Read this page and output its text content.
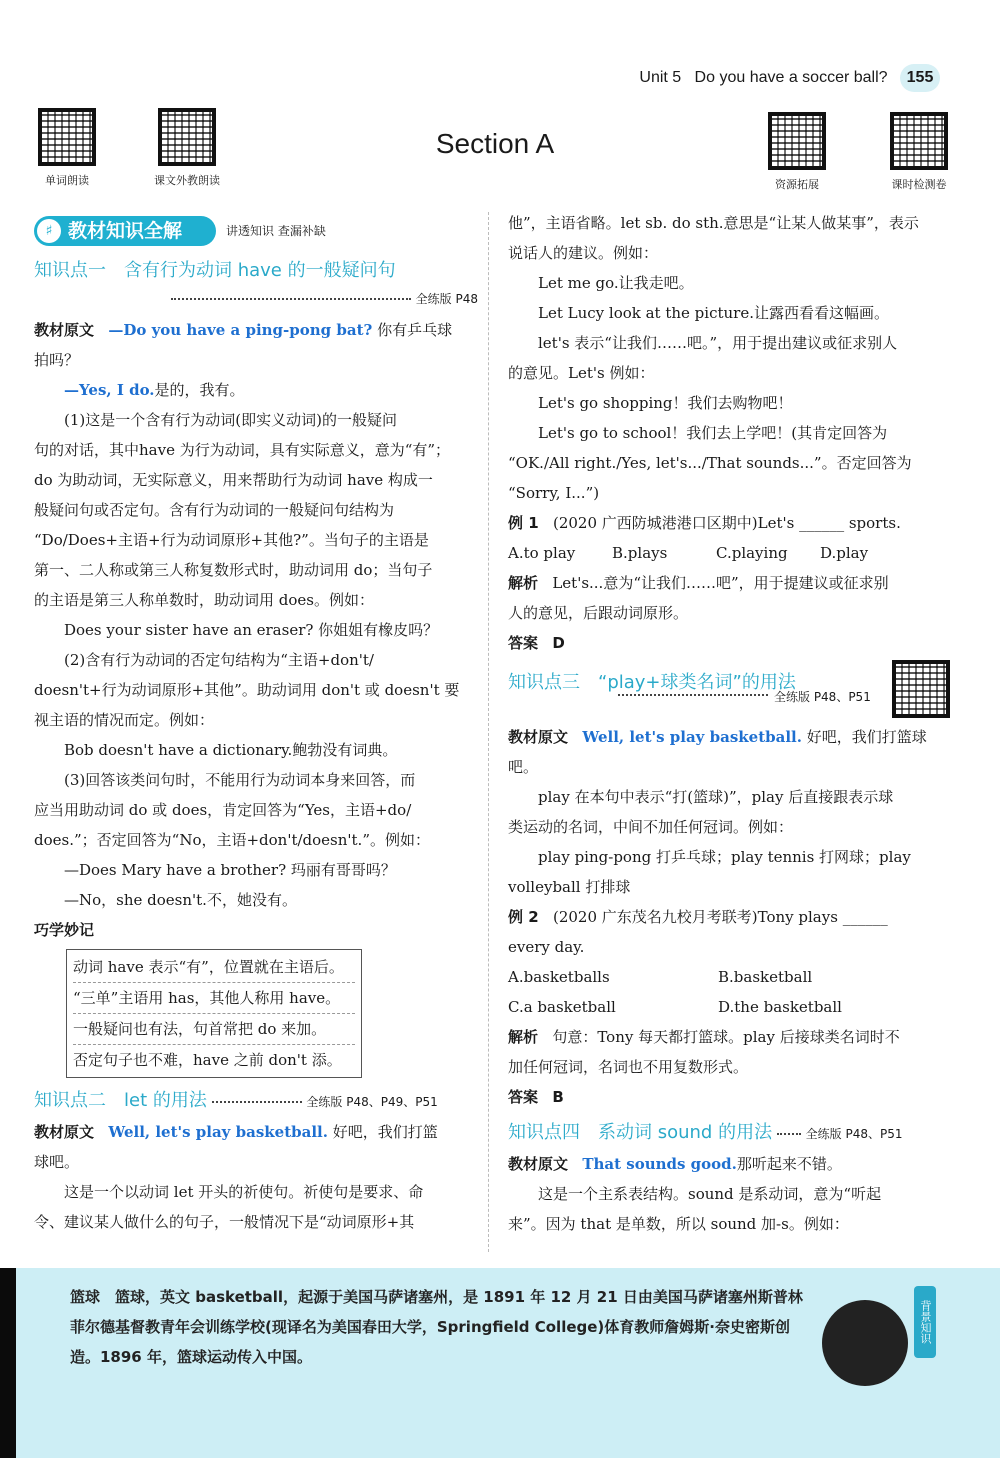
Unit 5 Do you have a soccer ball? 155
Section A
单词朗读	课文外教朗读	资源拓展	课时检测卷
♯ 教材知识全解	讲透知识 查漏补缺

知识点一　含有行为动词 have 的一般疑问句

全练版 P48

教材原文 —Do you have a ping-pong bat? 你有乒乓球

拍吗？

—Yes, I do.是的，我有。

(1)这是一个含有行为动词(即实义动词)的一般疑问

句的对话，其中have 为行为动词，具有实际意义，意为“有”；

do 为助动词，无实际意义，用来帮助行为动词 have 构成一

般疑问句或否定句。含有行为动词的一般疑问句结构为

“Do/Does+主语+行为动词原形+其他?”。当句子的主语是

第一、二人称或第三人称复数形式时，助动词用 do；当句子

的主语是第三人称单数时，助动词用 does。例如：

Does your sister have an eraser? 你姐姐有橡皮吗？

(2)含有行为动词的否定句结构为“主语+don't/

doesn't+行为动词原形+其他”。助动词用 don't 或 doesn't 要

视主语的情况而定。例如：

Bob doesn't have a dictionary.鲍勃没有词典。

(3)回答该类问句时，不能用行为动词本身来回答，而

应当用助动词 do 或 does，肯定回答为“Yes，主语+do/

does.”；否定回答为“No，主语+don't/doesn't.”。例如：

—Does Mary have a brother? 玛丽有哥哥吗？

—No，she doesn't.不，她没有。

巧学妙记

动词 have 表示“有”，位置就在主语后。

“三单”主语用 has，其他人称用 have。

一般疑问也有法，句首常把 do 来加。

否定句子也不难，have 之前 don't 添。

知识点二　let 的用法	全练版 P48、P49、P51

教材原文 Well, let's play basketball. 好吧，我们打篮

球吧。

这是一个以动词 let 开头的祈使句。祈使句是要求、命

令、建议某人做什么的句子，一般情况下是“动词原形+其

他”，主语省略。let sb. do sth.意思是“让某人做某事”，表示

说话人的建议。例如：

Let me go.让我走吧。

Let Lucy look at the picture.让露西看看这幅画。

let's 表示“让我们……吧。”，用于提出建议或征求别人

的意见。Let's 例如：

Let's go shopping！我们去购物吧！

Let's go to school！我们去上学吧！(其肯定回答为

“OK./All right./Yes, let's.../That sounds...”。否定回答为

“Sorry, I...”)

例 1 (2020 广西防城港港口区期中)Let's ______ sports.

A.to play	B.plays	C.playing	D.play

解析 Let's...意为“让我们……吧”，用于提建议或征求别

人的意见，后跟动词原形。

答案 D

知识点三　“play+球类名词”的用法
全练版 P48、P51

教材原文 Well, let's play basketball. 好吧，我们打篮球吧。

play 在本句中表示“打(篮球)”，play 后直接跟表示球

类运动的名词，中间不加任何冠词。例如：

play ping-pong 打乒乓球；play tennis 打网球；play

volleyball 打排球

例 2 (2020 广东茂名九校月考联考)Tony plays ______

every day.

A.basketballs	B.basketball
C.a basketball	D.the basketball

解析 句意：Tony 每天都打篮球。play 后接球类名词时不

加任何冠词，名词也不用复数形式。

答案 B

知识点四　系动词 sound 的用法	全练版 P48、P51

教材原文 That sounds good.那听起来不错。

这是一个主系表结构。sound 是系动词，意为“听起

来”。因为 that 是单数，所以 sound 加-s。例如：

篮球　篮球，英文 basketball，起源于美国马萨诸塞州，是 1891 年 12 月 21 日由美国马萨诸塞州斯普林
菲尔德基督教青年会训练学校(现译名为美国春田大学，Springfield College)体育教师詹姆斯·奈史密斯创
造。1896 年，篮球运动传入中国。
背景知识
